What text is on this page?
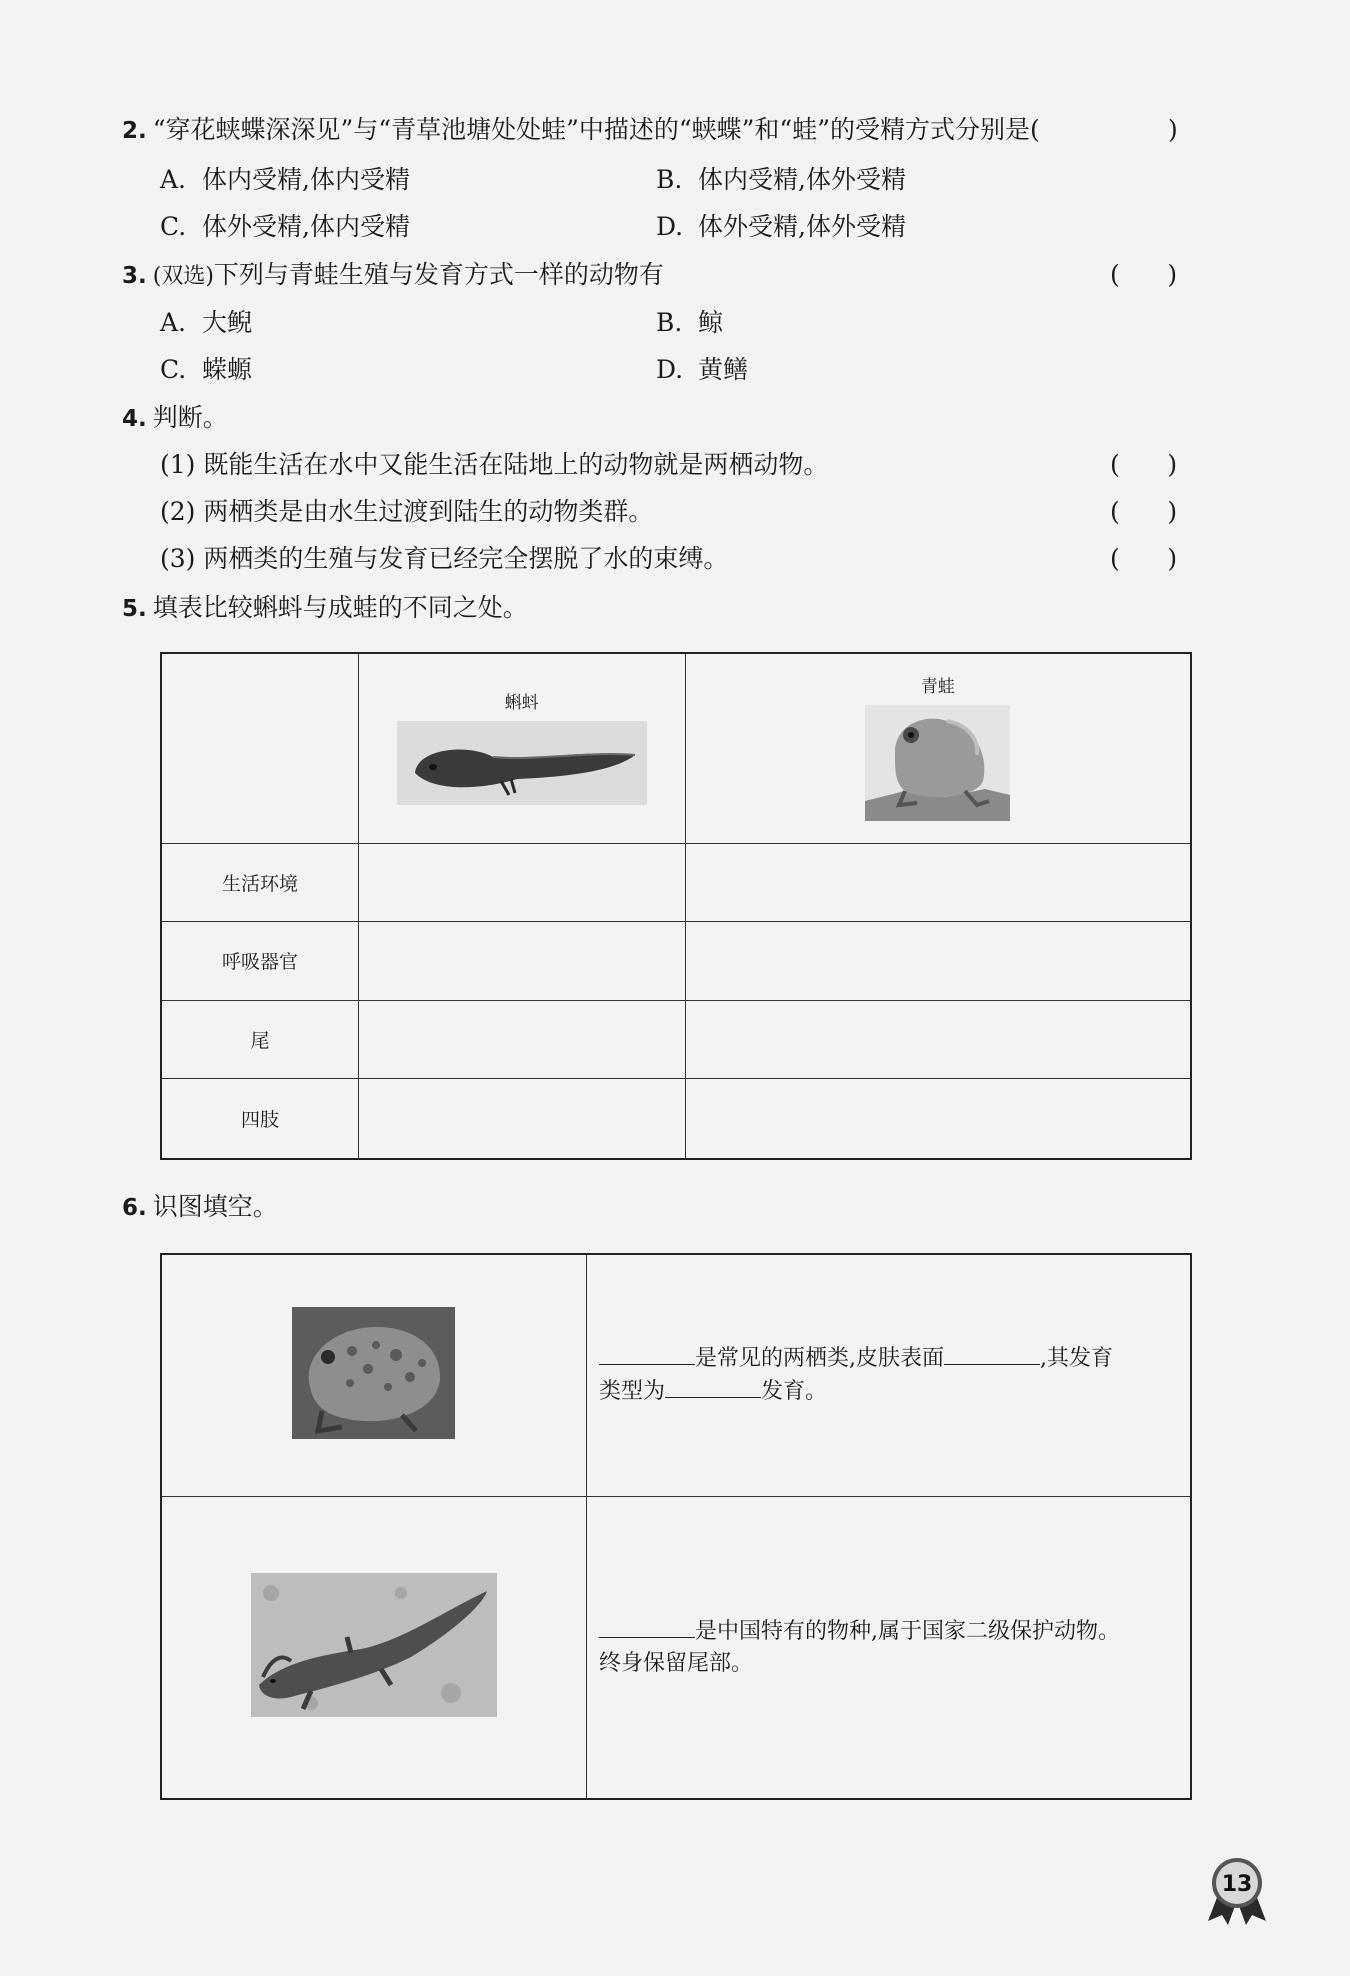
2. “穿花蛱蝶深深见”与“青草池塘处处蛙”中描述的“蛱蝶”和“蛙”的受精方式分别是(	)
A. 体内受精,体内受精	B. 体内受精,体外受精
C. 体外受精,体内受精	D. 体外受精,体外受精
3. (双选)下列与青蛙生殖与发育方式一样的动物有	(      )
A. 大鲵	B. 鲸
C. 蝾螈	D. 黄鳝
4. 判断。
(1) 既能生活在水中又能生活在陆地上的动物就是两栖动物。	(      )
(2) 两栖类是由水生过渡到陆生的动物类群。	(      )
(3) 两栖类的生殖与发育已经完全摆脱了水的束缚。	(      )
5. 填表比较蝌蚪与成蛙的不同之处。

	蝌蚪	青蛙

生活环境		
呼吸器官		
尾		
四肢		
6. 识图填空。

是常见的两栖类,皮肤表面 ,其发育
类型为 发育。

是中国特有的物种,属于国家二级保护动物。
终身保留尾部。
13
